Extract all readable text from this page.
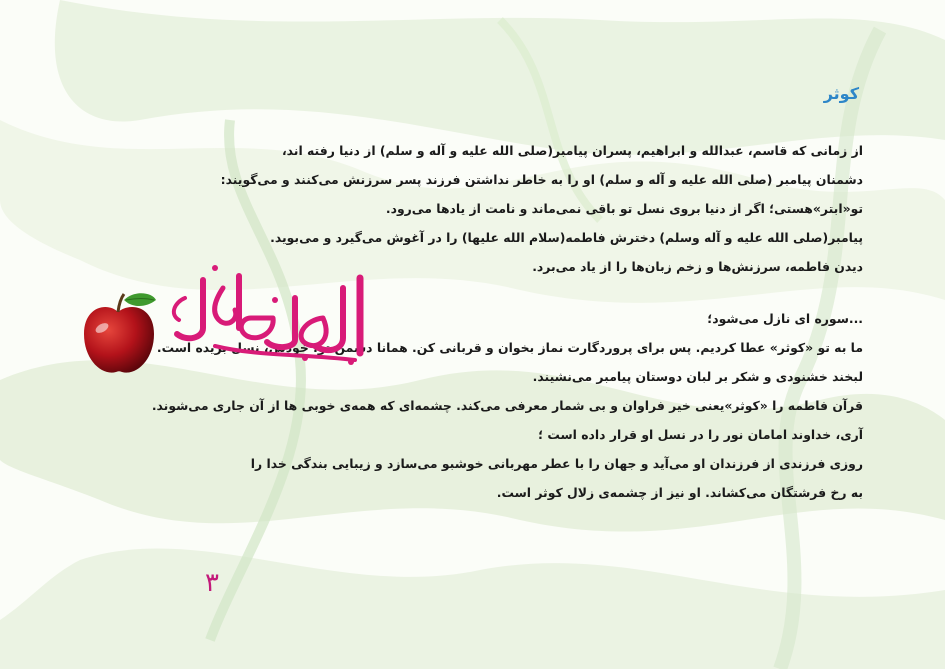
کوثر
از زمانی که قاسم، عبدالله و ابراهیم، پسران پیامبر(صلی الله علیه و آله و سلم) از دنیا رفته اند،
دشمنان پیامبر (صلی الله علیه و آله و سلم) او را به خاطر نداشتن فرزند پسر سرزنش می‌کنند و می‌گویند:
تو«ابتر»هستی؛ اگر از دنیا بروی نسل تو باقی نمی‌ماند و نامت از یادها می‌رود.
پیامبر(صلی الله علیه و آله وسلم) دخترش فاطمه(سلام الله علیها) را در آغوش می‌گیرد و می‌بوید.
دیدن فاطمه، سرزنش‌ها و زخم زبان‌ها را از یاد می‌برد.
...سوره ای نازل می‌شود؛
ما به تو «کوثر» عطا کردیم. پس برای پروردگارت نماز بخوان و قربانی کن. همانا دشمن تو، خودش، نسل بریده است.
لبخند خشنودی و شکر بر لبان دوستان پیامبر می‌نشیند.
قرآن فاطمه را «کوثر»یعنی خیر فراوان و بی شمار معرفی می‌کند. چشمه‌ای که همه‌ی خوبی ها از آن جاری می‌شوند.
آری، خداوند امامان نور را در نسل او قرار داده است ؛
روزی فرزندی از فرزندان او می‌آید و جهان را با عطر مهربانی خوشبو می‌سازد و زیبایی بندگی خدا را
به رخ فرشتگان می‌کشاند. او نیز از چشمه‌ی زلال کوثر است.
۳
